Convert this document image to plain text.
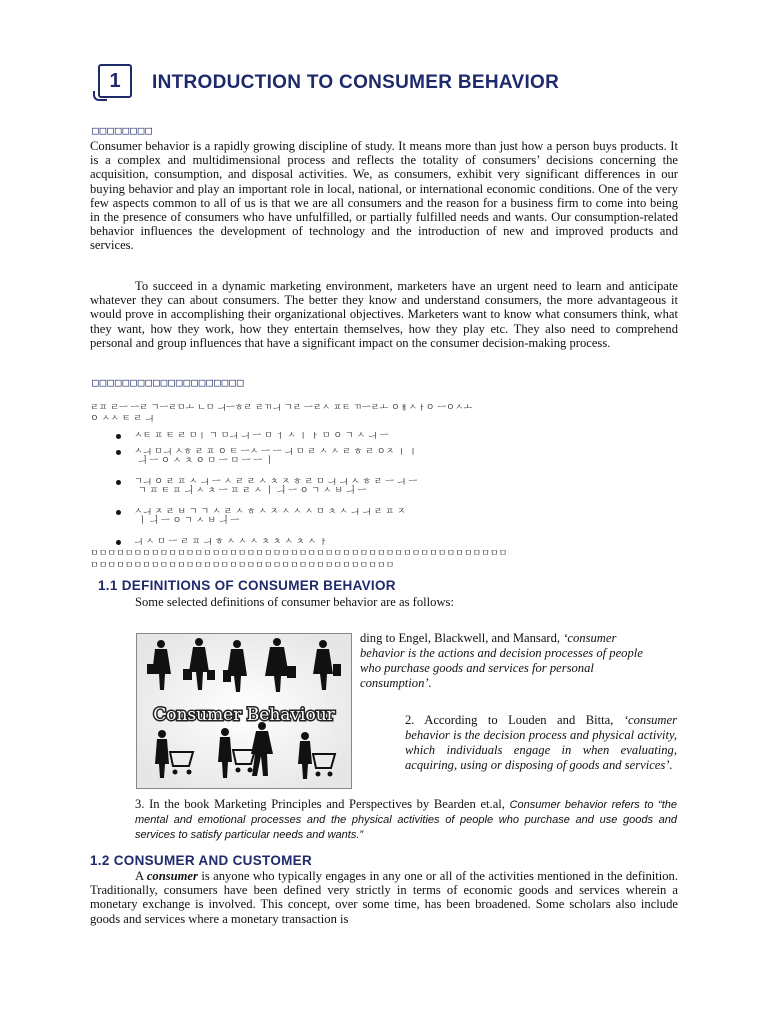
1	INTRODUCTION TO CONSUMER BEHAVIOR
□□□□□□□□

Consumer behavior is a rapidly growing discipline of study. It means more than just how a person buys products. It is a complex and multidimensional process and reflects the totality of consumers’ decisions concerning the acquisition, consumption, and disposal activities. We, as consumers, exhibit very significant differences in our buying behavior and play an important role in local, national, or international economic conditions. One of the very few aspects common to all of us is that we are all consumers and the reason for a business firm to come into being in the presence of consumers who have unfulfilled, or partially fulfilled needs and wants. Our consumption-related behavior influences the development of technology and the introduction of new and improved products and services.

To succeed in a dynamic marketing environment, marketers have an urgent need to learn and anticipate whatever they can about consumers. The better they know and understand consumers, the more advantageous it would prove in accomplishing their organizational objectives. Marketers want to know what consumers think, what they want, how they work, how they entertain themselves, how they play etc. They also need to comprehend personal and group influences that have a significant impact on the consumer decision-making process.

□□□□□□□□□□□□□□□□□□□□
ㄹㅍ ㄹㅡ ㅡㄹ ㄱㅡㄹㅁㅗ ㄴㅁ ㅢㅡㅎㄹ ㄹㄲㅢ ㄱㄹ ㅡㄹㅅ ㅍㅌ ㄲㅡㄹㅗ ㅇㅐㅅㅏㅇ ㅡㅇㅅㅗ
ㅇ ㅅㅅ ㅌ ㄹ ㅢ
ㅅㅌ ㅍ ㅌ ㄹ ㅁㅣ ㄱ ㅁㅢ ㅢ ㅡ ㅁ ㅓ ㅅ ㅣ ㅏ ㅁ ㅇ ㄱ ㅅ ㅢ ㅡ
ㅅㅢ ㅁㅢ ㅅㅎ ㄹ ㅍ ㅇ ㅌ ㅡㅅ ㅡ ㅡ ㅢ ㅁ ㄹ ㅅ ㅅ ㄹ ㅎ ㄹ ㅇㅈ ㅣ ㅣ
ㅢ ㅡ ㅇ ㅅ ㅊ ㅇ ㅁ ㅡ ㅁ ㅡ ㅡ ㅣ
ㄱㅢ ㅇ ㄹ ㅍ ㅅ ㅢ ㅡ ㅅ ㄹ ㄹ ㅅ ㅊ ㅈ ㅎ ㄹ ㅁ ㅢ ㅢ ㅅ ㅎ ㄹ ㅡ ㅢ ㅡ
ㄱ ㅍ ㅌ ㅍ ㅢ ㅅ ㅊ ㅡ ㅍ ㄹ ㅅ ㅣ ㅢ ㅡ ㅇ ㄱ ㅅ ㅂ ㅢ ㅡ
ㅅㅢ ㅈ ㄹ ㅂ ㄱ ㄱ ㅅ ㄹ ㅅ ㅎ ㅅ ㅈ ㅅ ㅅ ㅅ ㅁ ㅊ ㅅ ㅢ ㅢ ㄹ ㅍ ㅈ
ㅣ ㅢ ㅡ ㅇ ㄱ ㅅ ㅂ ㅢ ㅡ
ㅢ ㅅ ㅁ ㅡ ㄹ ㅍ ㅢ ㅎ ㅅ ㅅ ㅅ ㅊ ㅊ ㅅ ㅊ ㅅ ㅏ
ㅁㅁㅁㅁㅁㅁㅁㅁㅁㅁㅁㅁㅁㅁㅁㅁㅁㅁㅁㅁㅁㅁㅁㅁㅁㅁㅁㅁㅁㅁㅁㅁㅁㅁㅁㅁㅁㅁㅁㅁㅁㅁㅁㅁㅁㅁㅁㅁ
ㅁㅁㅁㅁㅁㅁㅁㅁㅁㅁㅁㅁㅁㅁㅁㅁㅁㅁㅁㅁㅁㅁㅁㅁㅁㅁㅁㅁㅁㅁㅁㅁㅁㅁㅁ
1.1 DEFINITIONS OF CONSUMER BEHAVIOR
Some selected definitions of consumer behavior are as follows:
Consumer Behaviour
ding to Engel, Blackwell, and Mansard, ‘consumer behavior is the actions and decision processes of people who purchase goods and services for personal consumption’.
2. According to Louden and Bitta, ‘consumer behavior is the decision process and physical activity, which individuals engage in when evaluating, acquiring, using or disposing of goods and services’.
3. In the book Marketing Principles and Perspectives by Bearden et.al, Consumer behavior refers to “the mental and emotional processes and the physical activities of people who purchase and use goods and services to satisfy particular needs and wants.”
1.2 CONSUMER AND CUSTOMER

A consumer is anyone who typically engages in any one or all of the activities mentioned in the definition. Traditionally, consumers have been defined very strictly in terms of economic goods and services wherein a monetary exchange is involved. This concept, over some time, has been broadened. Some scholars also include goods and services where a monetary transaction is
